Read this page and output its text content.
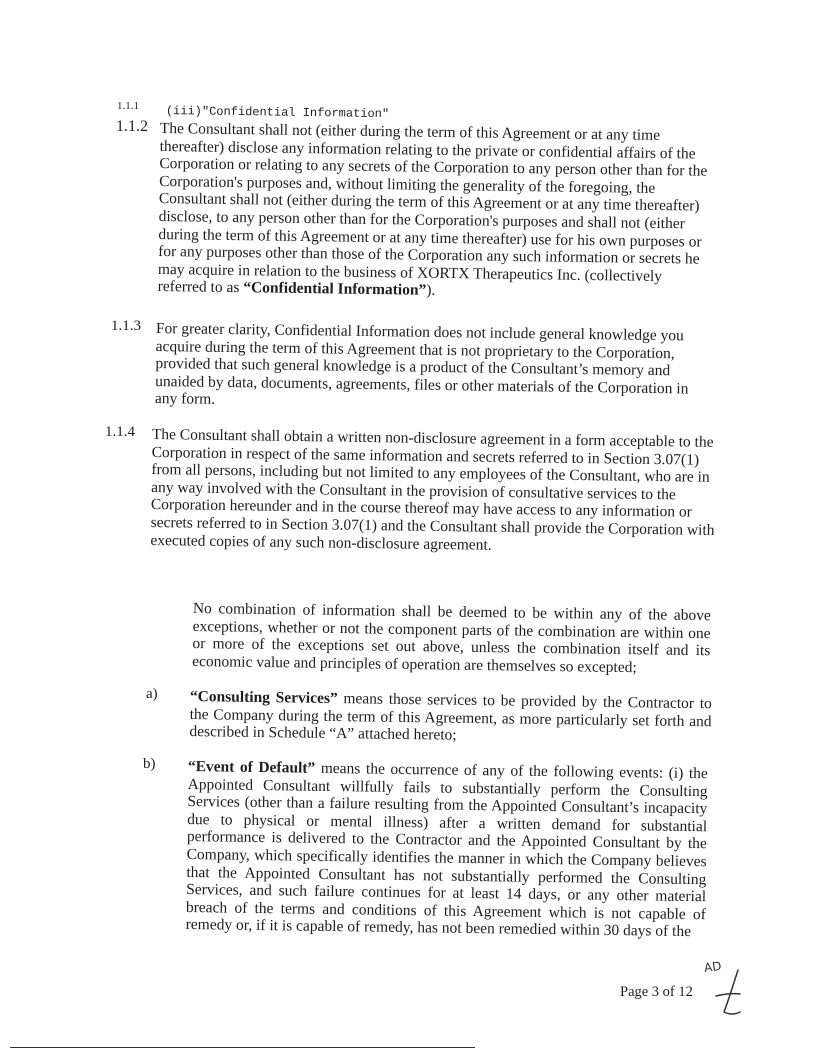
1.1.1 (iii)"Confidential Information"
1.1.2 The Consultant shall not (either during the term of this Agreement or at any time thereafter) disclose any information relating to the private or confidential affairs of the Corporation or relating to any secrets of the Corporation to any person other than for the Corporation's purposes and, without limiting the generality of the foregoing, the Consultant shall not (either during the term of this Agreement or at any time thereafter) disclose, to any person other than for the Corporation's purposes and shall not (either during the term of this Agreement or at any time thereafter) use for his own purposes or for any purposes other than those of the Corporation any such information or secrets he may acquire in relation to the business of XORTX Therapeutics Inc. (collectively referred to as “Confidential Information”).
1.1.3 For greater clarity, Confidential Information does not include general knowledge you acquire during the term of this Agreement that is not proprietary to the Corporation, provided that such general knowledge is a product of the Consultant’s memory and unaided by data, documents, agreements, files or other materials of the Corporation in any form.
1.1.4 The Consultant shall obtain a written non-disclosure agreement in a form acceptable to the Corporation in respect of the same information and secrets referred to in Section 3.07(1) from all persons, including but not limited to any employees of the Consultant, who are in any way involved with the Consultant in the provision of consultative services to the Corporation hereunder and in the course thereof may have access to any information or secrets referred to in Section 3.07(1) and the Consultant shall provide the Corporation with executed copies of any such non-disclosure agreement.
No combination of information shall be deemed to be within any of the above exceptions, whether or not the component parts of the combination are within one or more of the exceptions set out above, unless the combination itself and its economic value and principles of operation are themselves so excepted;
a) “Consulting Services” means those services to be provided by the Contractor to the Company during the term of this Agreement, as more particularly set forth and described in Schedule “A” attached hereto;
b) “Event of Default” means the occurrence of any of the following events: (i) the Appointed Consultant willfully fails to substantially perform the Consulting Services (other than a failure resulting from the Appointed Consultant’s incapacity due to physical or mental illness) after a written demand for substantial performance is delivered to the Contractor and the Appointed Consultant by the Company, which specifically identifies the manner in which the Company believes that the Appointed Consultant has not substantially performed the Consulting Services, and such failure continues for at least 14 days, or any other material breach of the terms and conditions of this Agreement which is not capable of remedy or, if it is capable of remedy, has not been remedied within 30 days of the
Page 3 of 12
AD
